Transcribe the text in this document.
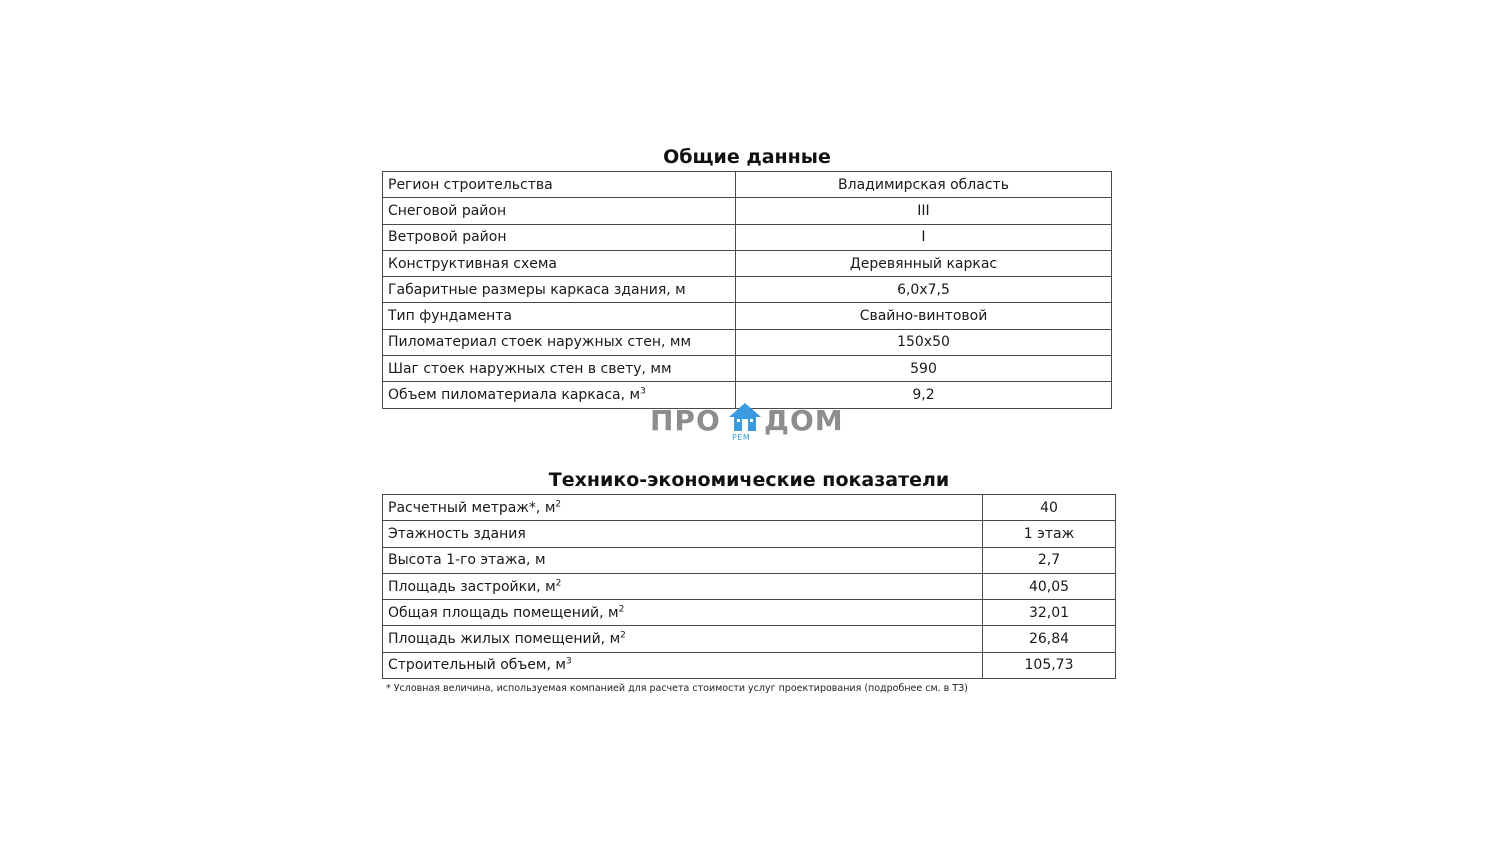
Общие данные
Регион строительства	Владимирская область
Снеговой район	III
Ветровой район	I
Конструктивная схема	Деревянный каркас
Габаритные размеры каркаса здания, м	6,0x7,5
Тип фундамента	Свайно-винтовой
Пиломатериал стоек наружных стен, мм	150x50
Шаг стоек наружных стен в свету, мм	590
Объем пиломатериала каркаса, $м^3$	9,2
ПРО
РЕМ
ДОМ
Технико-экономические показатели
Расчетный метраж*, $м^2$	40
Этажность здания	1 этаж
Высота 1-го этажа, м	2,7
Площадь застройки, $м^2$	40,05
Общая площадь помещений, $м^2$	32,01
Площадь жилых помещений, $м^2$	26,84
Строительный объем, $м^3$	105,73
* Условная величина, используемая компанией для расчета стоимости услуг проектирования (подробнее см. в ТЗ)
